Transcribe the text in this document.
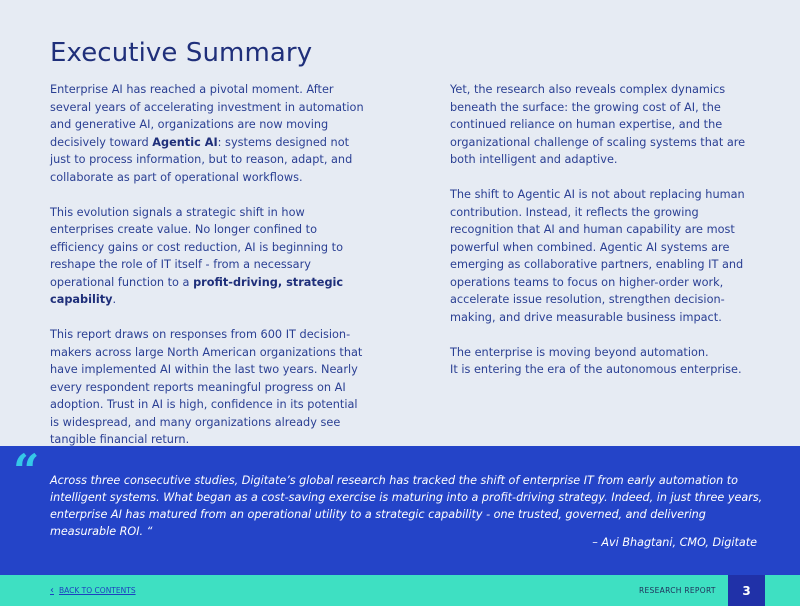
Executive Summary

Enterprise AI has reached a pivotal moment. After several years of accelerating investment in automation and generative AI, organizations are now moving decisively toward Agentic AI: systems designed not just to process information, but to reason, adapt, and collaborate as part of operational workflows.

This evolution signals a strategic shift in how enterprises create value. No longer confined to efficiency gains or cost reduction, AI is beginning to reshape the role of IT itself - from a necessary operational function to a profit-driving, strategic capability.

This report draws on responses from 600 IT decision-makers across large North American organizations that have implemented AI within the last two years. Nearly every respondent reports meaningful progress on AI adoption. Trust in AI is high, confidence in its potential is widespread, and many organizations already see tangible financial return.

Yet, the research also reveals complex dynamics beneath the surface: the growing cost of AI, the continued reliance on human expertise, and the organizational challenge of scaling systems that are both intelligent and adaptive.

The shift to Agentic AI is not about replacing human contribution. Instead, it reflects the growing recognition that AI and human capability are most powerful when combined. Agentic AI systems are emerging as collaborative partners, enabling IT and operations teams to focus on higher-order work, accelerate issue resolution, strengthen decision-making, and drive measurable business impact.

The enterprise is moving beyond automation.
It is entering the era of the autonomous enterprise.

“ Across three consecutive studies, Digitate’s global research has tracked the shift of enterprise IT from early automation to intelligent systems. What began as a cost-saving exercise is maturing into a profit-driving strategy. Indeed, in just three years, enterprise AI has matured from an operational utility to a strategic capability - one trusted, governed, and delivering measurable ROI. “
– Avi Bhagtani, CMO, Digitate
‹ BACK TO CONTENTS	RESEARCH REPORT	3
